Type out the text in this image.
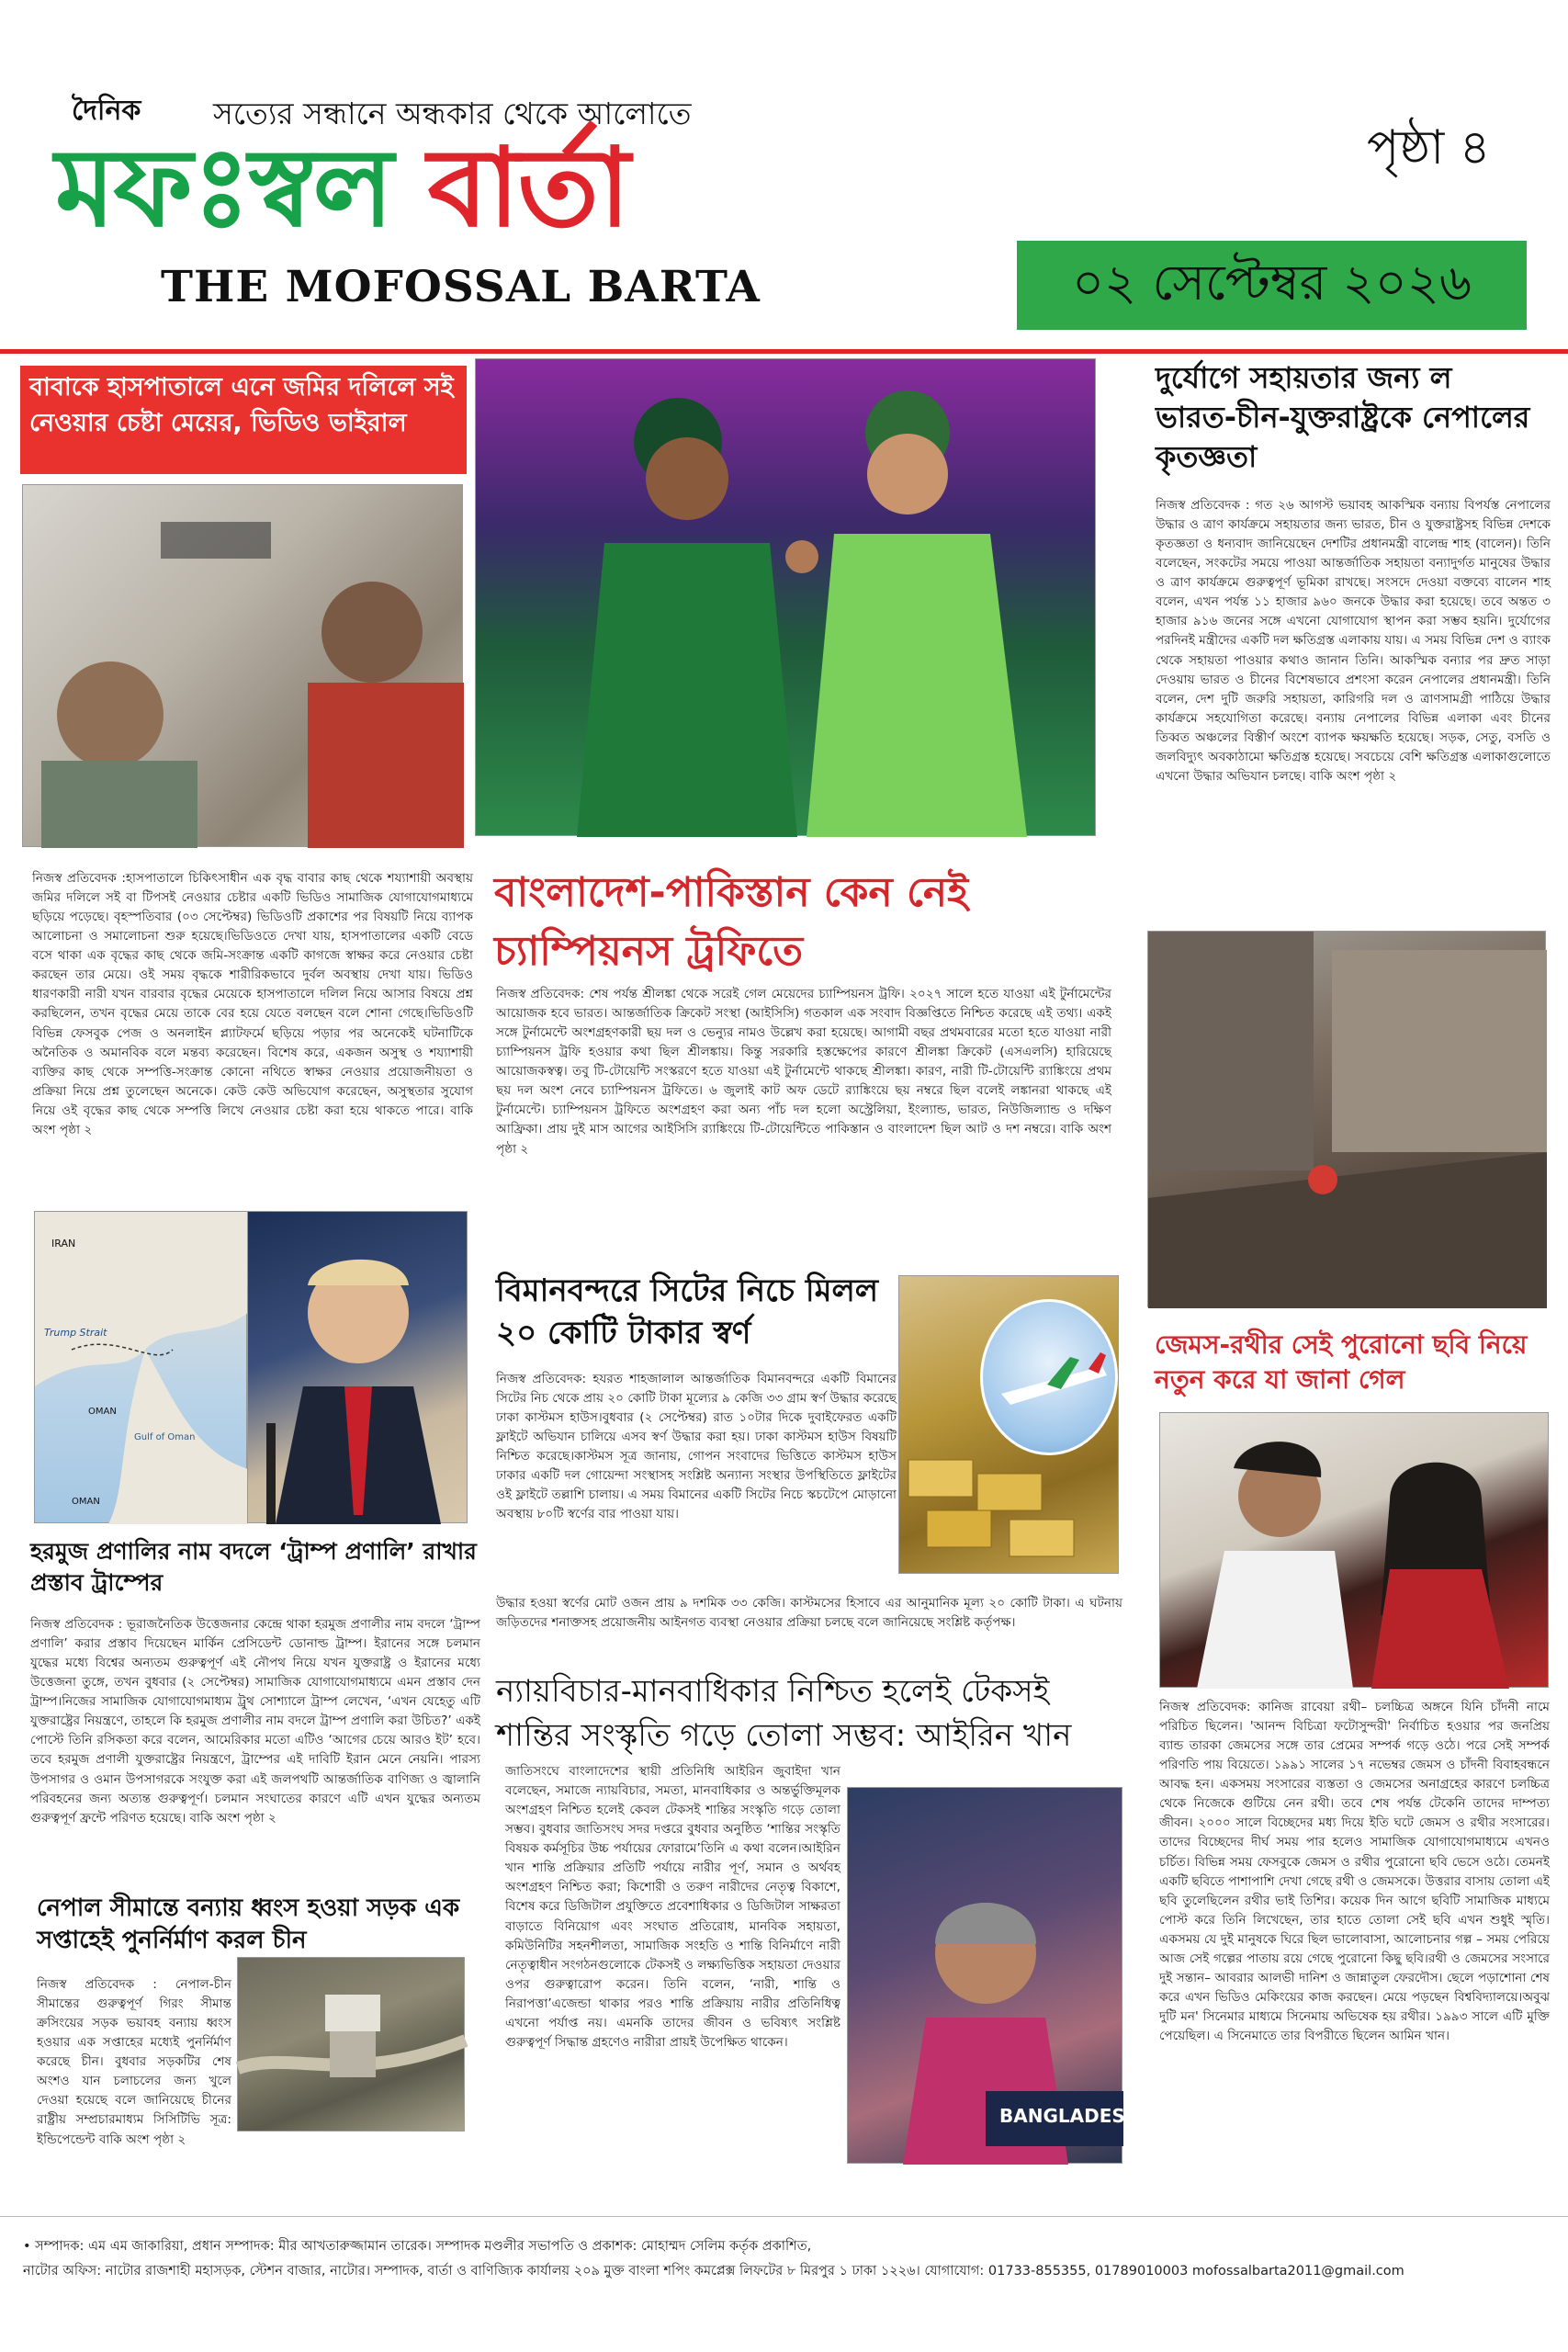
দৈনিক সত্যের সন্ধানে অন্ধকার থেকে আলোতে
মফঃস্বল বার্তা
THE MOFOSSAL BARTA
পৃষ্ঠা ৪
০২ সেপ্টেম্বর ২০২৬
বাবাকে হাসপাতালে এনে জমির দলিলে সই নেওয়ার চেষ্টা মেয়ের, ভিডিও ভাইরাল
নিজস্ব প্রতিবেদক :হাসপাতালে চিকিৎসাধীন এক বৃদ্ধ বাবার কাছ থেকে শয্যাশায়ী অবস্থায় জমির দলিলে সই বা টিপসই নেওয়ার চেষ্টার একটি ভিডিও সামাজিক যোগাযোগমাধ্যমে ছড়িয়ে পড়েছে। বৃহস্পতিবার (০৩ সেপ্টেম্বর) ভিডিওটি প্রকাশের পর বিষয়টি নিয়ে ব্যাপক আলোচনা ও সমালোচনা শুরু হয়েছে।ভিডিওতে দেখা যায়, হাসপাতালের একটি বেডে বসে থাকা এক বৃদ্ধের কাছ থেকে জমি-সংক্রান্ত একটি কাগজে স্বাক্ষর করে নেওয়ার চেষ্টা করছেন তার মেয়ে। ওই সময় বৃদ্ধকে শারীরিকভাবে দুর্বল অবস্থায় দেখা যায়। ভিডিও ধারণকারী নারী যখন বারবার বৃদ্ধের মেয়েকে হাসপাতালে দলিল নিয়ে আসার বিষয়ে প্রশ্ন করছিলেন, তখন বৃদ্ধের মেয়ে তাকে বের হয়ে যেতে বলছেন বলে শোনা গেছে।ভিডিওটি বিভিন্ন ফেসবুক পেজ ও অনলাইন প্ল্যাটফর্মে ছড়িয়ে পড়ার পর অনেকেই ঘটনাটিকে অনৈতিক ও অমানবিক বলে মন্তব্য করেছেন। বিশেষ করে, একজন অসুস্থ ও শয্যাশায়ী ব্যক্তির কাছ থেকে সম্পত্তি-সংক্রান্ত কোনো নথিতে স্বাক্ষর নেওয়ার প্রয়োজনীয়তা ও প্রক্রিয়া নিয়ে প্রশ্ন তুলেছেন অনেকে। কেউ কেউ অভিযোগ করেছেন, অসুস্থতার সুযোগ নিয়ে ওই বৃদ্ধের কাছ থেকে সম্পত্তি লিখে নেওয়ার চেষ্টা করা হয়ে থাকতে পারে। বাকি অংশ পৃষ্ঠা ২
IRAN
Trump Strait
OMAN
Gulf of Oman
OMAN
হরমুজ প্রণালির নাম বদলে ‘ট্রাম্প প্রণালি’ রাখার প্রস্তাব ট্রাম্পের
নিজস্ব প্রতিবেদক : ভূরাজনৈতিক উত্তেজনার কেন্দ্রে থাকা হরমুজ প্রণালীর নাম বদলে ‘ট্রাম্প প্রণালি’ করার প্রস্তাব দিয়েছেন মার্কিন প্রেসিডেন্ট ডোনাল্ড ট্রাম্প। ইরানের সঙ্গে চলমান যুদ্ধের মধ্যে বিশ্বের অন্যতম গুরুত্বপূর্ণ এই নৌপথ নিয়ে যখন যুক্তরাষ্ট্র ও ইরানের মধ্যে উত্তেজনা তুঙ্গে, তখন বুধবার (২ সেপ্টেম্বর) সামাজিক যোগাযোগমাধ্যমে এমন প্রস্তাব দেন ট্রাম্প।নিজের সামাজিক যোগাযোগমাধ্যম ট্রুথ সোশ্যালে ট্রাম্প লেখেন, ‘এখন যেহেতু এটি যুক্তরাষ্ট্রের নিয়ন্ত্রণে, তাহলে কি হরমুজ প্রণালীর নাম বদলে ট্রাম্প প্রণালি করা উচিত?’ একই পোস্টে তিনি রসিকতা করে বলেন, আমেরিকার মতো এটিও ‘আগের চেয়ে আরও ইট’ হবে।তবে হরমুজ প্রণালী যুক্তরাষ্ট্রের নিয়ন্ত্রণে, ট্রাম্পের এই দাবিটি ইরান মেনে নেয়নি। পারস্য উপসাগর ও ওমান উপসাগরকে সংযুক্ত করা এই জলপথটি আন্তর্জাতিক বাণিজ্য ও জ্বালানি পরিবহনের জন্য অত্যন্ত গুরুত্বপূর্ণ। চলমান সংঘাতের কারণে এটি এখন যুদ্ধের অন্যতম গুরুত্বপূর্ণ ফ্রন্টে পরিণত হয়েছে। বাকি অংশ পৃষ্ঠা ২
নেপাল সীমান্তে বন্যায় ধ্বংস হওয়া সড়ক এক সপ্তাহেই পুনর্নির্মাণ করল চীন
নিজস্ব প্রতিবেদক : নেপাল-চীন সীমান্তের গুরুত্বপূর্ণ গিরং সীমান্ত ক্রসিংয়ের সড়ক ভয়াবহ বন্যায় ধ্বংস হওয়ার এক সপ্তাহের মধ্যেই পুনর্নির্মাণ করেছে চীন। বুধবার সড়কটির শেষ অংশও যান চলাচলের জন্য খুলে দেওয়া হয়েছে বলে জানিয়েছে চীনের রাষ্ট্রীয় সম্প্রচারমাধ্যম সিসিটিভি সূত্র: ইন্ডিপেন্ডেন্ট বাকি অংশ পৃষ্ঠা ২
বাংলাদেশ-পাকিস্তান কেন নেই চ্যাম্পিয়নস ট্রফিতে
নিজস্ব প্রতিবেদক: শেষ পর্যন্ত শ্রীলঙ্কা থেকে সরেই গেল মেয়েদের চ্যাম্পিয়নস ট্রফি। ২০২৭ সালে হতে যাওয়া এই টুর্নামেন্টের আয়োজক হবে ভারত। আন্তর্জাতিক ক্রিকেট সংস্থা (আইসিসি) গতকাল এক সংবাদ বিজ্ঞপ্তিতে নিশ্চিত করেছে এই তথ্য। একই সঙ্গে টুর্নামেন্টে অংশগ্রহণকারী ছয় দল ও ভেন্যুর নামও উল্লেখ করা হয়েছে। আগামী বছর প্রথমবারের মতো হতে যাওয়া নারী চ্যাম্পিয়নস ট্রফি হওয়ার কথা ছিল শ্রীলঙ্কায়। কিন্তু সরকারি হস্তক্ষেপের কারণে শ্রীলঙ্কা ক্রিকেট (এসএলসি) হারিয়েছে আয়োজকস্বত্ব। তবু টি-টোয়েন্টি সংস্করণে হতে যাওয়া এই টুর্নামেন্টে থাকছে শ্রীলঙ্কা। কারণ, নারী টি-টোয়েন্টি র‍্যাঙ্কিংয়ে প্রথম ছয় দল অংশ নেবে চ্যাম্পিয়নস ট্রফিতে। ৬ জুলাই কাট অফ ডেটে র‍্যাঙ্কিংয়ে ছয় নম্বরে ছিল বলেই লঙ্কানরা থাকছে এই টুর্নামেন্টে। চ্যাম্পিয়নস ট্রফিতে অংশগ্রহণ করা অন্য পাঁচ দল হলো অস্ট্রেলিয়া, ইংল্যান্ড, ভারত, নিউজিল্যান্ড ও দক্ষিণ আফ্রিকা। প্রায় দুই মাস আগের আইসিসি র‍্যাঙ্কিংয়ে টি-টোয়েন্টিতে পাকিস্তান ও বাংলাদেশ ছিল আট ও দশ নম্বরে। বাকি অংশ পৃষ্ঠা ২
বিমানবন্দরে সিটের নিচে মিলল ২০ কোটি টাকার স্বর্ণ
নিজস্ব প্রতিবেদক: হযরত শাহজালাল আন্তর্জাতিক বিমানবন্দরে একটি বিমানের সিটের নিচ থেকে প্রায় ২০ কোটি টাকা মূল্যের ৯ কেজি ৩৩ গ্রাম স্বর্ণ উদ্ধার করেছে ঢাকা কাস্টমস হাউস।বুধবার (২ সেপ্টেম্বর) রাত ১০টার দিকে দুবাইফেরত একটি ফ্লাইটে অভিযান চালিয়ে এসব স্বর্ণ উদ্ধার করা হয়। ঢাকা কাস্টমস হাউস বিষয়টি নিশ্চিত করেছে।কাস্টমস সূত্র জানায়, গোপন সংবাদের ভিত্তিতে কাস্টমস হাউস ঢাকার একটি দল গোয়েন্দা সংস্থাসহ সংশ্লিষ্ট অন্যান্য সংস্থার উপস্থিতিতে ফ্লাইটের ওই ফ্লাইটে তল্লাশি চালায়। এ সময় বিমানের একটি সিটের নিচে স্কচটেপে মোড়ানো অবস্থায় ৮০টি স্বর্ণের বার পাওয়া যায়।
উদ্ধার হওয়া স্বর্ণের মোট ওজন প্রায় ৯ দশমিক ৩৩ কেজি। কাস্টমসের হিসাবে এর আনুমানিক মূল্য ২০ কোটি টাকা। এ ঘটনায় জড়িতদের শনাক্তসহ প্রয়োজনীয় আইনগত ব্যবস্থা নেওয়ার প্রক্রিয়া চলছে বলে জানিয়েছে সংশ্লিষ্ট কর্তৃপক্ষ।
ন্যায়বিচার-মানবাধিকার নিশ্চিত হলেই টেকসই শান্তির সংস্কৃতি গড়ে তোলা সম্ভব: আইরিন খান
জাতিসংঘে বাংলাদেশের স্থায়ী প্রতিনিধি আইরিন জুবাইদা খান বলেছেন, সমাজে ন্যায়বিচার, সমতা, মানবাধিকার ও অন্তর্ভুক্তিমূলক অংশগ্রহণ নিশ্চিত হলেই কেবল টেকসই শান্তির সংস্কৃতি গড়ে তোলা সম্ভব। বুধবার জাতিসংঘ সদর দপ্তরে বুধবার অনুষ্ঠিত ‘শান্তির সংস্কৃতি বিষয়ক কর্মসূচির উচ্চ পর্যায়ের ফোরামে’তিনি এ কথা বলেন।আইরিন খান শান্তি প্রক্রিয়ার প্রতিটি পর্যায়ে নারীর পূর্ণ, সমান ও অর্থবহ অংশগ্রহণ নিশ্চিত করা; কিশোরী ও তরুণ নারীদের নেতৃত্ব বিকাশে, বিশেষ করে ডিজিটাল প্রযুক্তিতে প্রবেশাধিকার ও ডিজিটাল সাক্ষরতা বাড়াতে বিনিয়োগ এবং সংঘাত প্রতিরোধ, মানবিক সহায়তা, কমিউনিটির সহনশীলতা, সামাজিক সংহতি ও শান্তি বিনির্মাণে নারী নেতৃত্বাধীন সংগঠনগুলোকে টেকসই ও লক্ষ্যভিত্তিক সহায়তা দেওয়ার ওপর গুরুত্বারোপ করেন। তিনি বলেন, ‘নারী, শান্তি ও নিরাপত্তা’এজেন্ডা থাকার পরও শান্তি প্রক্রিয়ায় নারীর প্রতিনিধিত্ব এখনো পর্যাপ্ত নয়। এমনকি তাদের জীবন ও ভবিষ্যৎ সংশ্লিষ্ট গুরুত্বপূর্ণ সিদ্ধান্ত গ্রহণেও নারীরা প্রায়ই উপেক্ষিত থাকেন।
BANGLADESH
দুর্যোগে সহায়তার জন্য ল ভারত-চীন-যুক্তরাষ্ট্রকে নেপালের কৃতজ্ঞতা
নিজস্ব প্রতিবেদক : গত ২৬ আগস্ট ভয়াবহ আকস্মিক বন্যায় বিপর্যস্ত নেপালের উদ্ধার ও ত্রাণ কার্যক্রমে সহায়তার জন্য ভারত, চীন ও যুক্তরাষ্ট্রসহ বিভিন্ন দেশকে কৃতজ্ঞতা ও ধন্যবাদ জানিয়েছেন দেশটির প্রধানমন্ত্রী বালেন্দ্র শাহ (বালেন)। তিনি বলেছেন, সংকটের সময়ে পাওয়া আন্তর্জাতিক সহায়তা বন্যাদুর্গত মানুষের উদ্ধার ও ত্রাণ কার্যক্রমে গুরুত্বপূর্ণ ভূমিকা রাখছে। সংসদে দেওয়া বক্তব্যে বালেন শাহ বলেন, এখন পর্যন্ত ১১ হাজার ৯৬০ জনকে উদ্ধার করা হয়েছে। তবে অন্তত ৩ হাজার ৯১৬ জনের সঙ্গে এখনো যোগাযোগ স্থাপন করা সম্ভব হয়নি। দুর্যোগের পরদিনই মন্ত্রীদের একটি দল ক্ষতিগ্রস্ত এলাকায় যায়। এ সময় বিভিন্ন দেশ ও ব্যাংক থেকে সহায়তা পাওয়ার কথাও জানান তিনি। আকস্মিক বন্যার পর দ্রুত সাড়া দেওয়ায় ভারত ও চীনের বিশেষভাবে প্রশংসা করেন নেপালের প্রধানমন্ত্রী। তিনি বলেন, দেশ দুটি জরুরি সহায়তা, কারিগরি দল ও ত্রাণসামগ্রী পাঠিয়ে উদ্ধার কার্যক্রমে সহযোগিতা করেছে। বন্যায় নেপালের বিভিন্ন এলাকা এবং চীনের তিব্বত অঞ্চলের বিস্তীর্ণ অংশে ব্যাপক ক্ষয়ক্ষতি হয়েছে। সড়ক, সেতু, বসতি ও জলবিদ্যুৎ অবকাঠামো ক্ষতিগ্রস্ত হয়েছে। সবচেয়ে বেশি ক্ষতিগ্রস্ত এলাকাগুলোতে এখনো উদ্ধার অভিযান চলছে। বাকি অংশ পৃষ্ঠা ২
জেমস-রথীর সেই পুরোনো ছবি নিয়ে নতুন করে যা জানা গেল
নিজস্ব প্রতিবেদক: কানিজ রাবেয়া রথী– চলচ্চিত্র অঙ্গনে যিনি চাঁদনী নামে পরিচিত ছিলেন। 'আনন্দ বিচিত্রা ফটোসুন্দরী' নির্বাচিত হওয়ার পর জনপ্রিয় ব্যান্ড তারকা জেমসের সঙ্গে তার প্রেমের সম্পর্ক গড়ে ওঠে। পরে সেই সম্পর্ক পরিণতি পায় বিয়েতে। ১৯৯১ সালের ১৭ নভেম্বর জেমস ও চাঁদনী বিবাহবন্ধনে আবদ্ধ হন। একসময় সংসারের ব্যস্ততা ও জেমসের অনাগ্রহের কারণে চলচ্চিত্র থেকে নিজেকে গুটিয়ে নেন রথী। তবে শেষ পর্যন্ত টেকেনি তাদের দাম্পত্য জীবন। ২০০০ সালে বিচ্ছেদের মধ্য দিয়ে ইতি ঘটে জেমস ও রথীর সংসারের।তাদের বিচ্ছেদের দীর্ঘ সময় পার হলেও সামাজিক যোগাযোগমাধ্যমে এখনও চর্চিত। বিভিন্ন সময় ফেসবুকে জেমস ও রথীর পুরোনো ছবি ভেসে ওঠে। তেমনই একটি ছবিতে পাশাপাশি দেখা গেছে রথী ও জেমসকে। উত্তরার বাসায় তোলা এই ছবি তুলেছিলেন রথীর ভাই তিশির। কয়েক দিন আগে ছবিটি সামাজিক মাধ্যমে পোস্ট করে তিনি লিখেছেন, তার হাতে তোলা সেই ছবি এখন শুধুই স্মৃতি। একসময় যে দুই মানুষকে ঘিরে ছিল ভালোবাসা, আলোচনার গল্প – সময় পেরিয়ে আজ সেই গল্পের পাতায় রয়ে গেছে পুরোনো কিছু ছবি।রথী ও জেমসের সংসারে দুই সন্তান– আবরার আলভী দানিশ ও জান্নাতুল ফেরদৌস। ছেলে পড়াশোনা শেষ করে এখন ভিডিও মেকিংয়ের কাজ করছেন। মেয়ে পড়ছেন বিশ্ববিদ্যালয়ে।অবুঝ দুটি মন' সিনেমার মাধ্যমে সিনেমায় অভিষেক হয় রথীর। ১৯৯৩ সালে এটি মুক্তি পেয়েছিল। এ সিনেমাতে তার বিপরীতে ছিলেন আমিন খান।
• সম্পাদক: এম এম জাকারিয়া, প্রধান সম্পাদক: মীর আখতারুজ্জামান তারেক। সম্পাদক মণ্ডলীর সভাপতি ও প্রকাশক: মোহাম্মদ সেলিম কর্তৃক প্রকাশিত,
নাটোর অফিস: নাটোর রাজশাহী মহাসড়ক, স্টেশন বাজার, নাটোর। সম্পাদক, বার্তা ও বাণিজ্যিক কার্যালয় ২০৯ মুক্ত বাংলা শপিং কমপ্লেক্স লিফটের ৮ মিরপুর ১ ঢাকা ১২২৬। যোগাযোগ: 01733-855355, 01789010003 mofossalbarta2011@gmail.com
